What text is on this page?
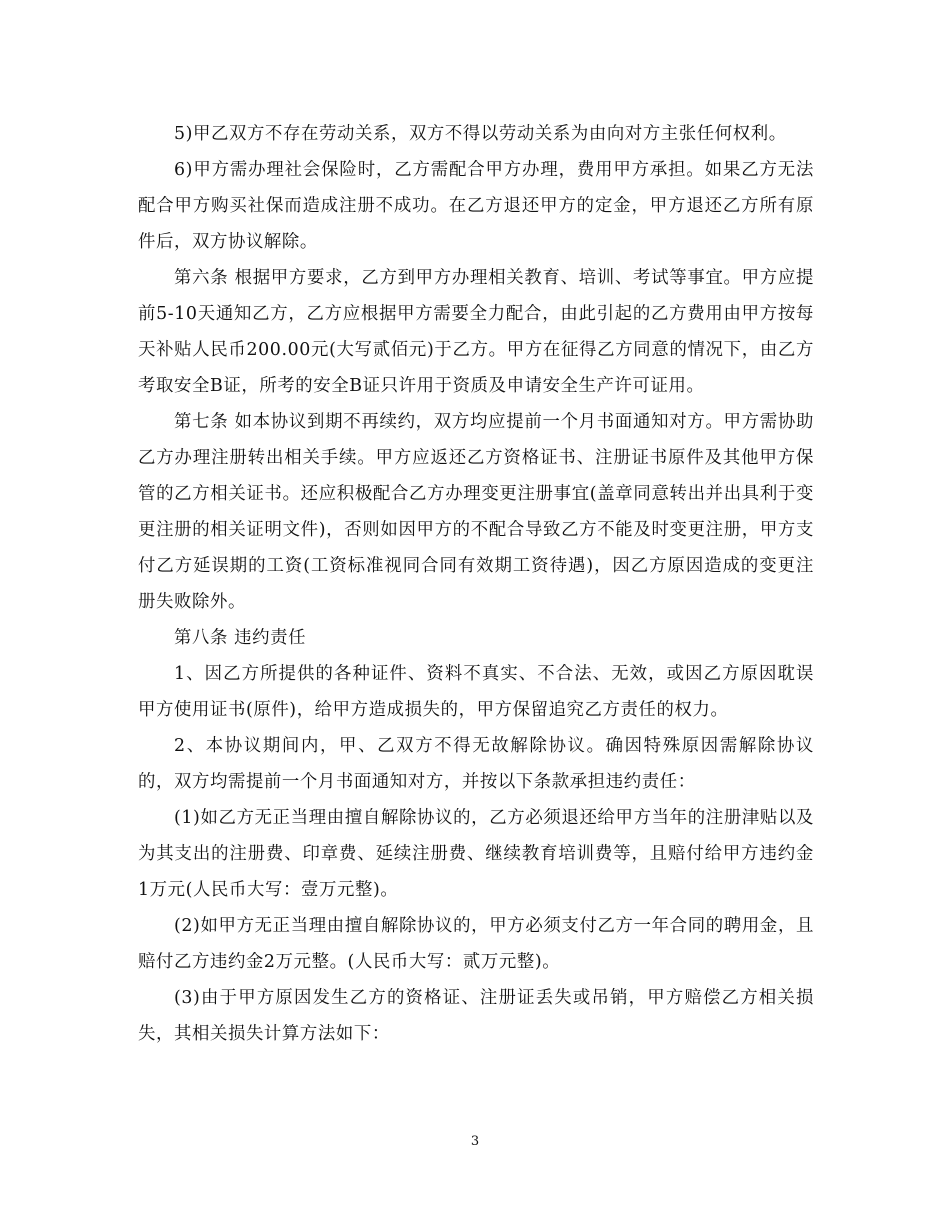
5)甲乙双方不存在劳动关系，双方不得以劳动关系为由向对方主张任何权利。

6)甲方需办理社会保险时，乙方需配合甲方办理，费用甲方承担。如果乙方无法配合甲方购买社保而造成注册不成功。在乙方退还甲方的定金，甲方退还乙方所有原件后，双方协议解除。

第六条 根据甲方要求，乙方到甲方办理相关教育、培训、考试等事宜。甲方应提前5-10天通知乙方，乙方应根据甲方需要全力配合，由此引起的乙方费用由甲方按每天补贴人民币200.00元(大写贰佰元)于乙方。甲方在征得乙方同意的情况下，由乙方考取安全B证，所考的安全B证只许用于资质及申请安全生产许可证用。

第七条 如本协议到期不再续约，双方均应提前一个月书面通知对方。甲方需协助乙方办理注册转出相关手续。甲方应返还乙方资格证书、注册证书原件及其他甲方保管的乙方相关证书。还应积极配合乙方办理变更注册事宜(盖章同意转出并出具利于变更注册的相关证明文件)，否则如因甲方的不配合导致乙方不能及时变更注册，甲方支付乙方延误期的工资(工资标准视同合同有效期工资待遇)，因乙方原因造成的变更注册失败除外。

第八条 违约责任

1、因乙方所提供的各种证件、资料不真实、不合法、无效，或因乙方原因耽误甲方使用证书(原件)，给甲方造成损失的，甲方保留追究乙方责任的权力。

2、本协议期间内，甲、乙双方不得无故解除协议。确因特殊原因需解除协议的，双方均需提前一个月书面通知对方，并按以下条款承担违约责任：

(1)如乙方无正当理由擅自解除协议的，乙方必须退还给甲方当年的注册津贴以及为其支出的注册费、印章费、延续注册费、继续教育培训费等，且赔付给甲方违约金1万元(人民币大写：壹万元整)。

(2)如甲方无正当理由擅自解除协议的，甲方必须支付乙方一年合同的聘用金，且赔付乙方违约金2万元整。(人民币大写：贰万元整)。

(3)由于甲方原因发生乙方的资格证、注册证丢失或吊销，甲方赔偿乙方相关损失，其相关损失计算方法如下：

3
